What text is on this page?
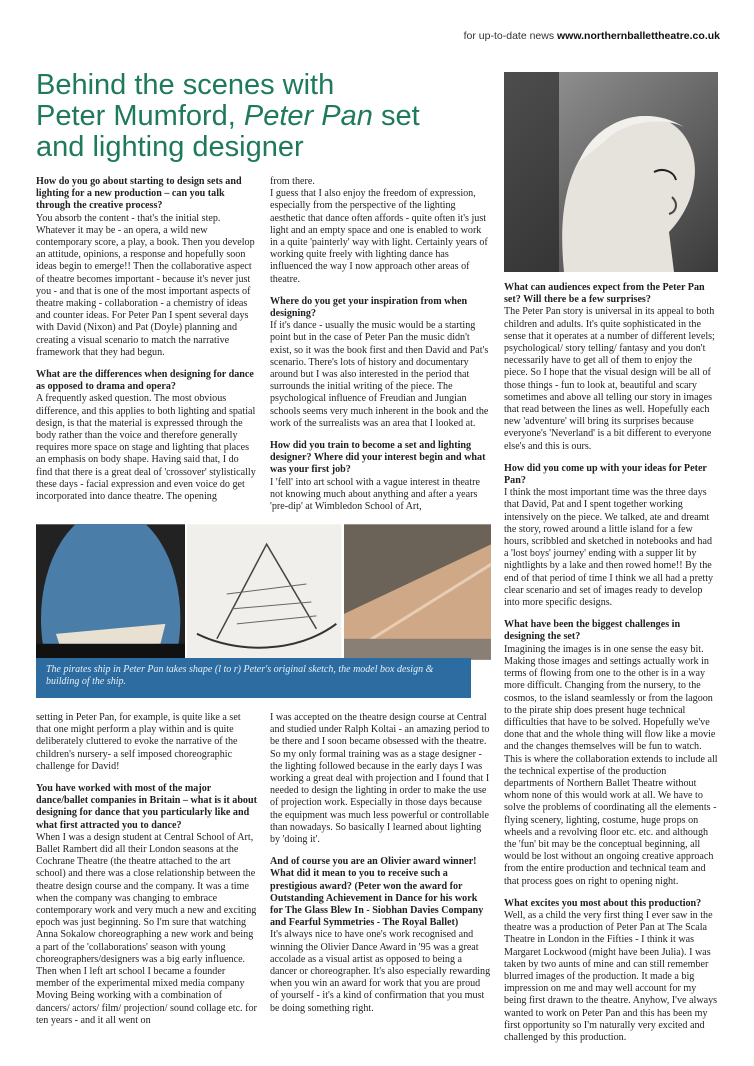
for up-to-date news www.northernballettheatre.co.uk
Behind the scenes with
Peter Mumford, Peter Pan set
and lighting designer

How do you go about starting to design sets and lighting for a new production – can you talk through the creative process?

You absorb the content - that's the initial step. Whatever it may be - an opera, a wild new contemporary score, a play, a book. Then you develop an attitude, opinions, a response and hopefully soon ideas begin to emerge!! Then the collaborative aspect of theatre becomes important - because it's never just you - and that is one of the most important aspects of theatre making - collaboration - a chemistry of ideas and counter ideas. For Peter Pan I spent several days with David (Nixon) and Pat (Doyle) planning and creating a visual scenario to match the narrative framework that they had begun.

What are the differences when designing for dance as opposed to drama and opera?

A frequently asked question. The most obvious difference, and this applies to both lighting and spatial design, is that the material is expressed through the body rather than the voice and therefore generally requires more space on stage and lighting that places an emphasis on body shape. Having said that, I do find that there is a great deal of 'crossover' stylistically these days - facial expression and even voice do get incorporated into dance theatre. The opening

from there.

I guess that I also enjoy the freedom of expression, especially from the perspective of the lighting aesthetic that dance often affords - quite often it's just light and an empty space and one is enabled to work in a quite 'painterly' way with light. Certainly years of working quite freely with lighting dance has influenced the way I now approach other areas of theatre.

Where do you get your inspiration from when designing?

If it's dance - usually the music would be a starting point but in the case of Peter Pan the music didn't exist, so it was the book first and then David and Pat's scenario. There's lots of history and documentary around but I was also interested in the period that surrounds the initial writing of the piece. The psychological influence of Freudian and Jungian schools seems very much inherent in the book and the work of the surrealists was an area that I looked at.

How did you train to become a set and lighting designer? Where did your interest begin and what was your first job?

I 'fell' into art school with a vague interest in theatre not knowing much about anything and after a years 'pre-dip' at Wimbledon School of Art,

What can audiences expect from the Peter Pan set? Will there be a few surprises?

The Peter Pan story is universal in its appeal to both children and adults. It's quite sophisticated in the sense that it operates at a number of different levels; psychological/ story telling/ fantasy and you don't necessarily have to get all of them to enjoy the piece. So I hope that the visual design will be all of those things - fun to look at, beautiful and scary sometimes and above all telling our story in images that read between the lines as well. Hopefully each new 'adventure' will bring its surprises because everyone's 'Neverland' is a bit different to everyone else's and this is ours.

How did you come up with your ideas for Peter Pan?

I think the most important time was the three days that David, Pat and I spent together working intensively on the piece. We talked, ate and dreamt the story, rowed around a little island for a few hours, scribbled and sketched in notebooks and had a 'lost boys' journey' ending with a supper lit by nightlights by a lake and then rowed home!! By the end of that period of time I think we all had a pretty clear scenario and set of images ready to develop into more specific designs.

What have been the biggest challenges in designing the set?

Imagining the images is in one sense the easy bit. Making those images and settings actually work in terms of flowing from one to the other is in a way more difficult. Changing from the nursery, to the cosmos, to the island seamlessly or from the lagoon to the pirate ship does present huge technical difficulties that have to be solved. Hopefully we've done that and the whole thing will flow like a movie and the changes themselves will be fun to watch. This is where the collaboration extends to include all the technical expertise of the production departments of Northern Ballet Theatre without whom none of this would work at all. We have to solve the problems of coordinating all the elements - flying scenery, lighting, costume, huge props on wheels and a revolving floor etc. etc. and although the 'fun' bit may be the conceptual beginning, all would be lost without an ongoing creative approach from the entire production and technical team and that process goes on right to opening night.

What excites you most about this production?

Well, as a child the very first thing I ever saw in the theatre was a production of Peter Pan at The Scala Theatre in London in the Fifties - I think it was Margaret Lockwood (might have been Julia). I was taken by two aunts of mine and can still remember blurred images of the production. It made a big impression on me and may well account for my being first drawn to the theatre. Anyhow, I've always wanted to work on Peter Pan and this has been my first opportunity so I'm naturally very excited and challenged by this production.

The pirates ship in Peter Pan takes shape (l to r) Peter's original sketch, the model box design & building of the ship.

setting in Peter Pan, for example, is quite like a set that one might perform a play within and is quite deliberately cluttered to evoke the narrative of the children's nursery- a self imposed choreographic challenge for David!

You have worked with most of the major dance/ballet companies in Britain – what is it about designing for dance that you particularly like and what first attracted you to dance?

When I was a design student at Central School of Art, Ballet Rambert did all their London seasons at the Cochrane Theatre (the theatre attached to the art school) and there was a close relationship between the theatre design course and the company. It was a time when the company was changing to embrace contemporary work and very much a new and exciting epoch was just beginning. So I'm sure that watching Anna Sokalow choreographing a new work and being a part of the 'collaborations' season with young choreographers/designers was a big early influence. Then when I left art school I became a founder member of the experimental mixed media company Moving Being working with a combination of dancers/ actors/ film/ projection/ sound collage etc. for ten years - and it all went on

I was accepted on the theatre design course at Central and studied under Ralph Koltai - an amazing period to be there and I soon became obsessed with the theatre. So my only formal training was as a stage designer - the lighting followed because in the early days I was working a great deal with projection and I found that I needed to design the lighting in order to make the use of projection work. Especially in those days because the equipment was much less powerful or controllable than nowadays. So basically I learned about lighting by 'doing it'.

And of course you are an Olivier award winner! What did it mean to you to receive such a prestigious award? (Peter won the award for Outstanding Achievement in Dance for his work for The Glass Blew In - Siobhan Davies Company and Fearful Symmetries - The Royal Ballet)

It's always nice to have one's work recognised and winning the Olivier Dance Award in '95 was a great accolade as a visual artist as opposed to being a dancer or choreographer. It's also especially rewarding when you win an award for work that you are proud of yourself - it's a kind of confirmation that you must be doing something right.
